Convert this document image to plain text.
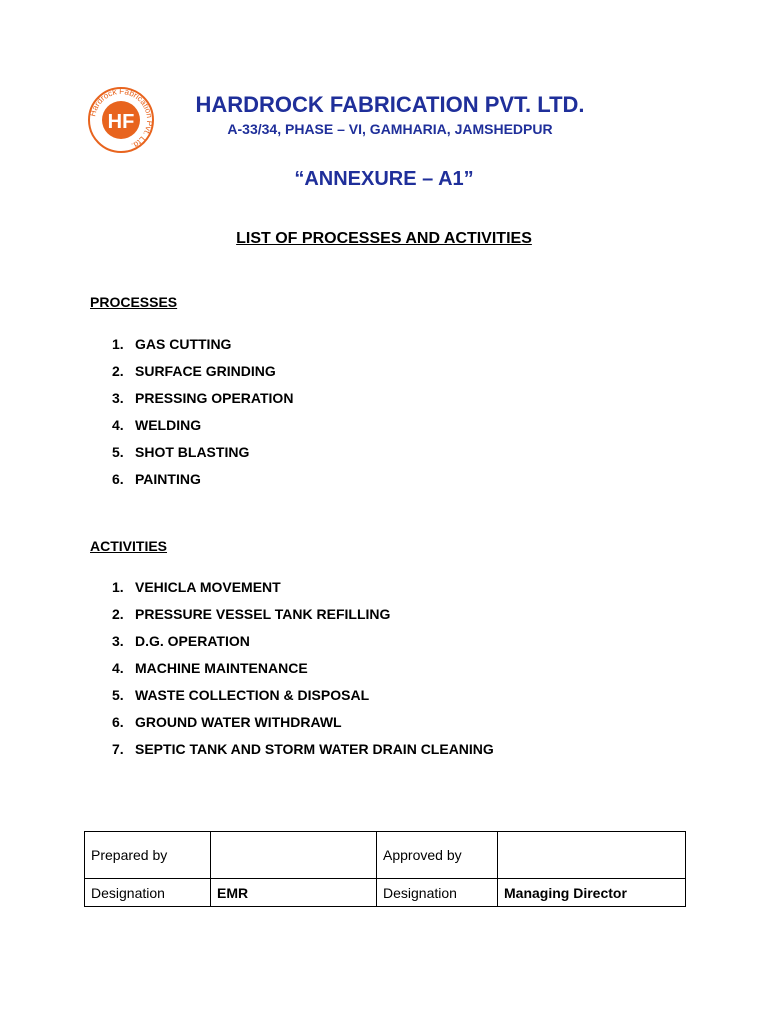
Hardrock Fabrication Pvt. Ltd.
HF
HARDROCK FABRICATION PVT. LTD.
A-33/34, PHASE – VI, GAMHARIA, JAMSHEDPUR
“ANNEXURE – A1”
LIST OF PROCESSES AND ACTIVITIES
PROCESSES
1. GAS CUTTING
2. SURFACE GRINDING
3. PRESSING OPERATION
4. WELDING
5. SHOT BLASTING
6. PAINTING
ACTIVITIES
1. VEHICLA MOVEMENT
2. PRESSURE VESSEL TANK REFILLING
3. D.G. OPERATION
4. MACHINE MAINTENANCE
5. WASTE COLLECTION & DISPOSAL
6. GROUND WATER WITHDRAWL
7. SEPTIC TANK AND STORM WATER DRAIN CLEANING
Prepared by		Approved by	
Designation	EMR	Designation	Managing Director
